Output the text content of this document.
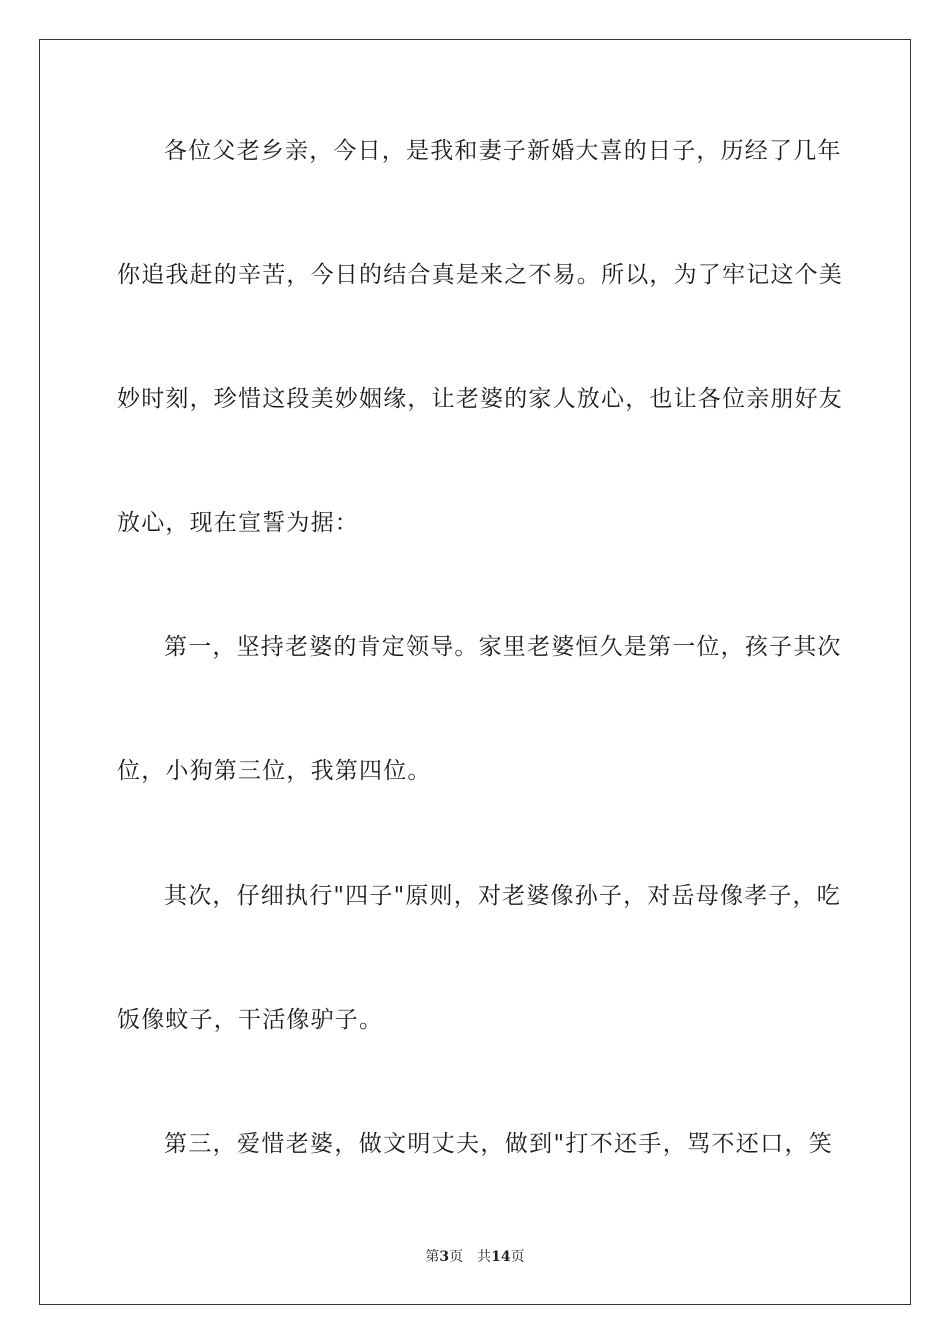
各位父老乡亲，今日，是我和妻子新婚大喜的日子，历经了几年
你追我赶的辛苦，今日的结合真是来之不易。所以，为了牢记这个美
妙时刻，珍惜这段美妙姻缘，让老婆的家人放心，也让各位亲朋好友
放心，现在宣誓为据：
第一，坚持老婆的肯定领导。家里老婆恒久是第一位，孩子其次
位，小狗第三位，我第四位。
其次，仔细执行"四子"原则，对老婆像孙子，对岳母像孝子，吃
饭像蚊子，干活像驴子。
第三，爱惜老婆，做文明丈夫，做到"打不还手，骂不还口，笑
第3页 共14页
